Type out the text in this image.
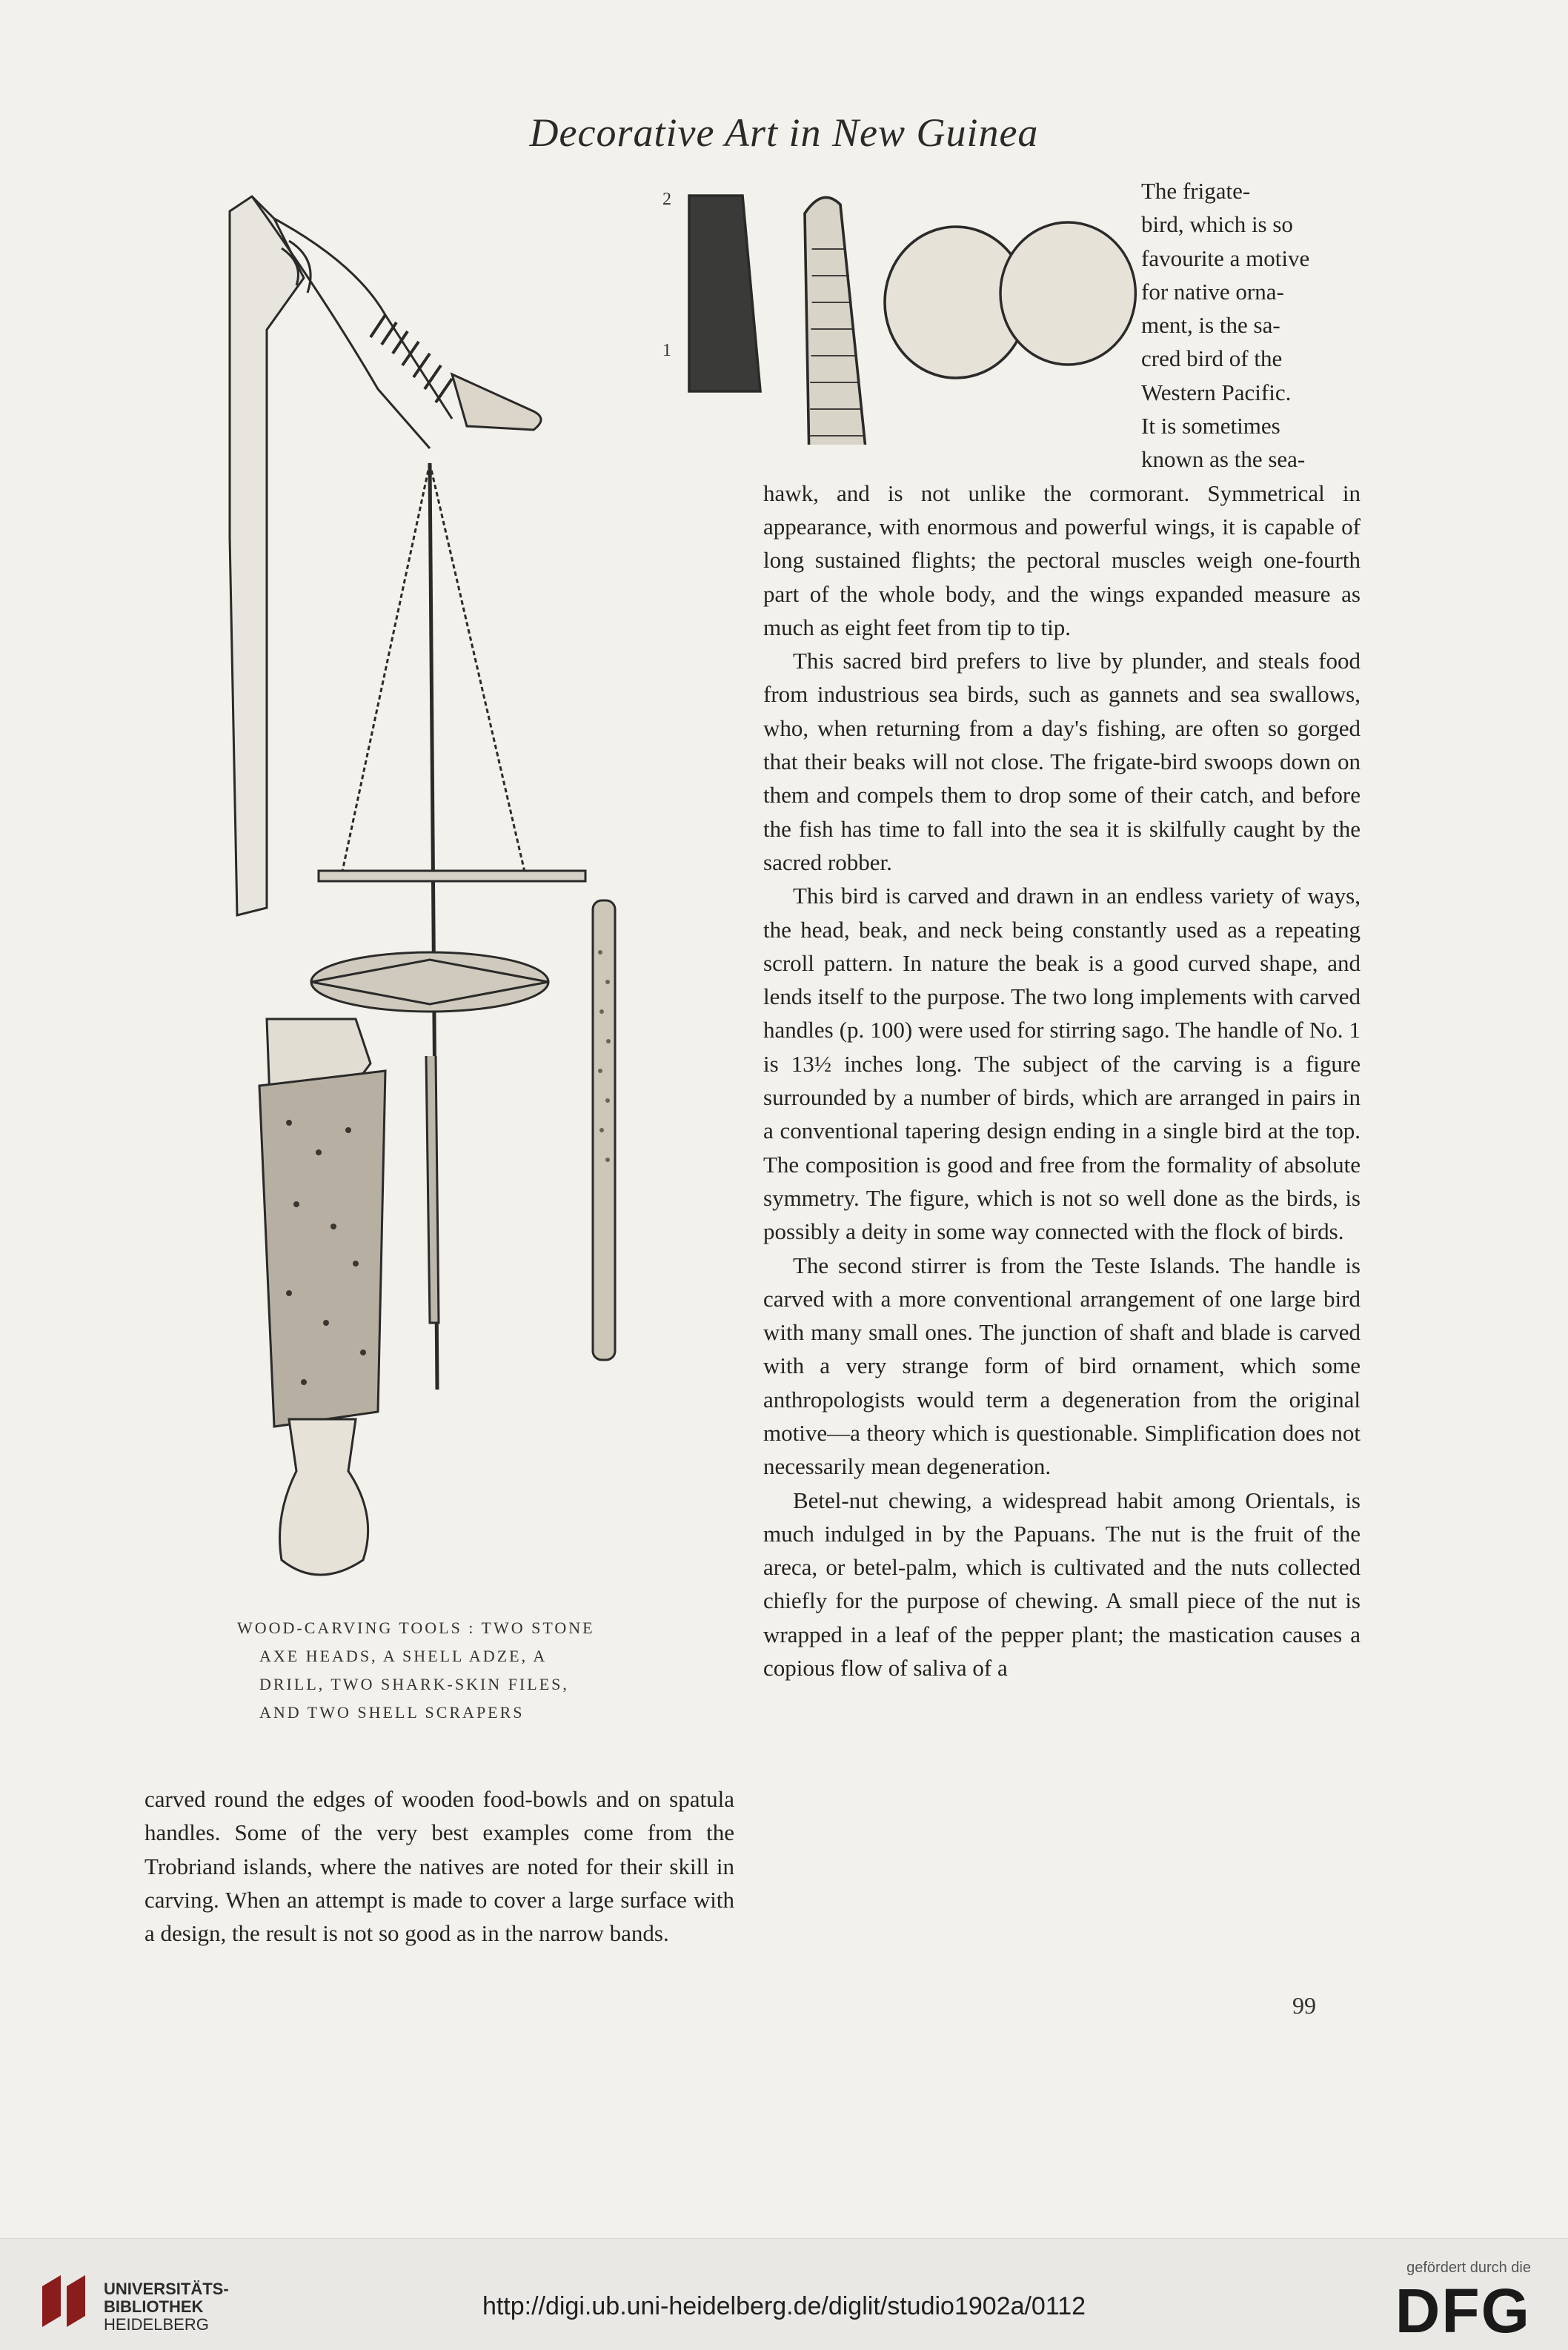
Decorative Art in New Guinea
2
1
WOOD-CARVING TOOLS : TWO STONE
AXE HEADS, A SHELL ADZE, A
DRILL, TWO SHARK-SKIN FILES,
AND TWO SHELL SCRAPERS
The frigate-
bird, which is so
favourite a motive
for native orna-
ment, is the sa-
cred bird of the
Western Pacific.
It is sometimes
known as the sea-

hawk, and is not unlike the cormorant. Symmetrical in appearance, with enormous and powerful wings, it is capable of long sustained flights; the pectoral muscles weigh one-fourth part of the whole body, and the wings expanded measure as much as eight feet from tip to tip.

This sacred bird prefers to live by plunder, and steals food from industrious sea birds, such as gannets and sea swallows, who, when returning from a day's fishing, are often so gorged that their beaks will not close. The frigate-bird swoops down on them and compels them to drop some of their catch, and before the fish has time to fall into the sea it is skilfully caught by the sacred robber.

This bird is carved and drawn in an endless variety of ways, the head, beak, and neck being constantly used as a repeating scroll pattern. In nature the beak is a good curved shape, and lends itself to the purpose. The two long implements with carved handles (p. 100) were used for stirring sago. The handle of No. 1 is 13½ inches long. The subject of the carving is a figure surrounded by a number of birds, which are arranged in pairs in a conventional tapering design ending in a single bird at the top. The composition is good and free from the formality of absolute symmetry. The figure, which is not so well done as the birds, is possibly a deity in some way connected with the flock of birds.

The second stirrer is from the Teste Islands. The handle is carved with a more conventional arrangement of one large bird with many small ones. The junction of shaft and blade is carved with a very strange form of bird ornament, which some anthropologists would term a degeneration from the original motive—a theory which is questionable. Simplification does not necessarily mean degeneration.

Betel-nut chewing, a widespread habit among Orientals, is much indulged in by the Papuans. The nut is the fruit of the areca, or betel-palm, which is cultivated and the nuts collected chiefly for the purpose of chewing. A small piece of the nut is wrapped in a leaf of the pepper plant; the mastication causes a copious flow of saliva of a

carved round the edges of wooden food-bowls and on spatula handles. Some of the very best examples come from the Trobriand islands, where the natives are noted for their skill in carving. When an attempt is made to cover a large surface with a design, the result is not so good as in the narrow bands.

99
UNIVERSITÄTS-
BIBLIOTHEK
HEIDELBERG
http://digi.ub.uni-heidelberg.de/diglit/studio1902a/0112
gefördert durch die
DFG
